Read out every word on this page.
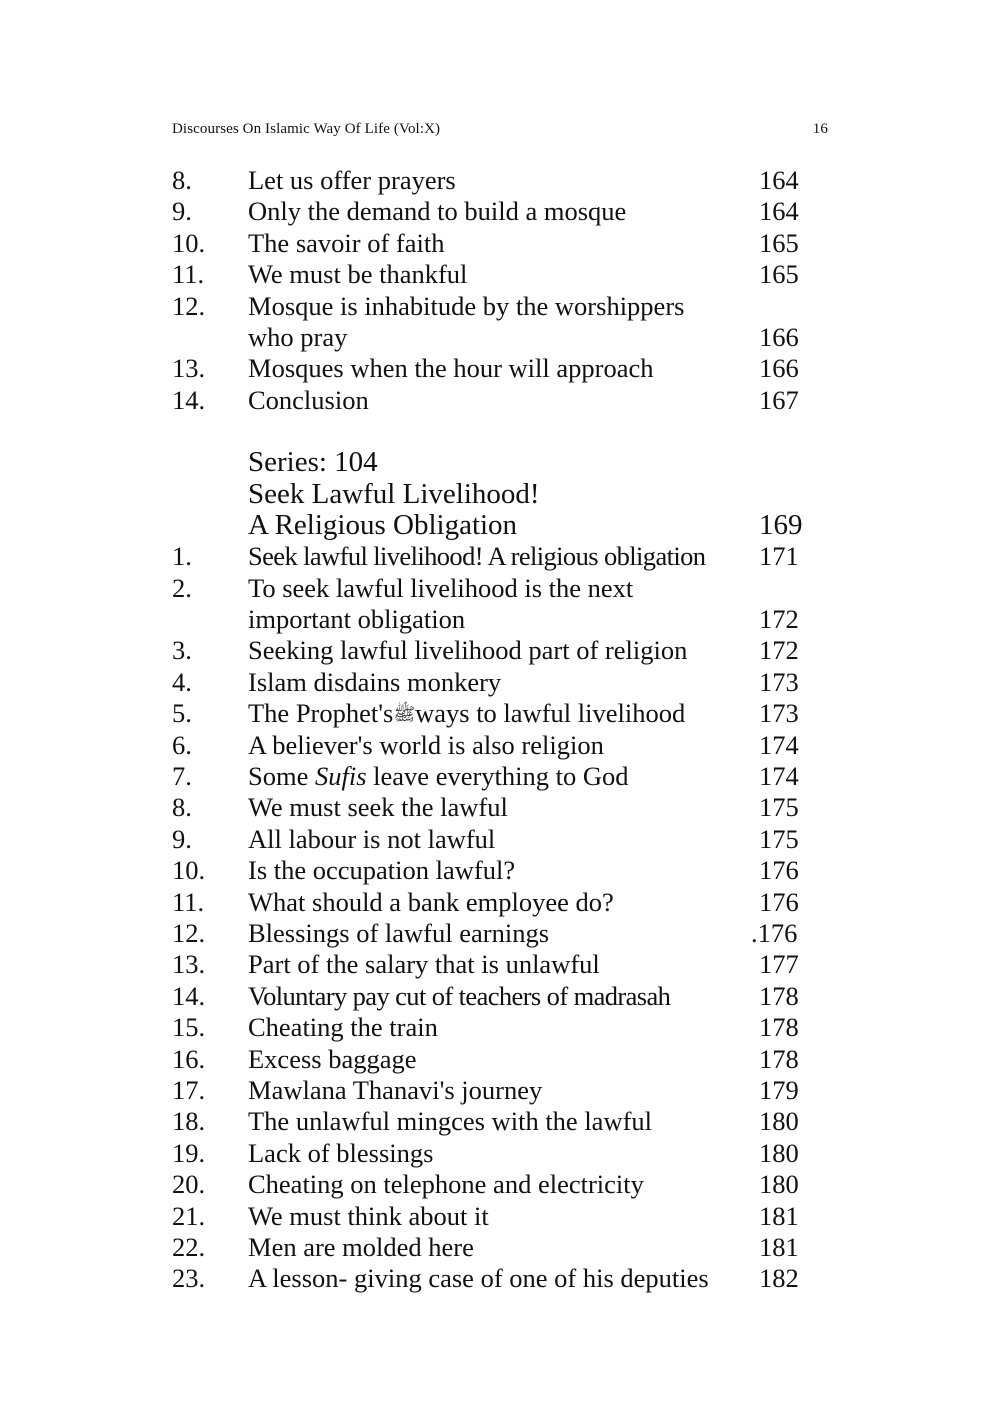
Discourses On Islamic Way Of Life (Vol:X)	16
8. Let us offer prayers	164
9. Only the demand to build a mosque	164
10. The savoir of faith	165
11. We must be thankful	165
12. Mosque is inhabitude by the worshippers
who pray	166
13. Mosques when the hour will approach	166
14. Conclusion	167
Series: 104
Seek Lawful Livelihood!
A Religious Obligation	169
1. Seek lawful livelihood! A religious obligation 171
2. To seek lawful livelihood is the next
important obligation	172
3. Seeking lawful livelihood part of religion	172
4. Islam disdains monkery	173
5. The Prophet'sﷺways to lawful livelihood	173
6. A believer's world is also religion	174
7. Some Sufis leave everything to God	174
8. We must seek the lawful	175
9. All labour is not lawful	175
10. Is the occupation lawful?	176
11. What should a bank employee do?	176
12. Blessings of lawful earnings	.176
13. Part of the salary that is unlawful	177
14. Voluntary pay cut of teachers of madrasah	178
15. Cheating the train	178
16. Excess baggage	178
17. Mawlana Thanavi's journey	179
18. The unlawful mingces with the lawful	180
19. Lack of blessings	180
20. Cheating on telephone and electricity	180
21. We must think about it	181
22. Men are molded here	181
23. A lesson- giving case of one of his deputies 182
